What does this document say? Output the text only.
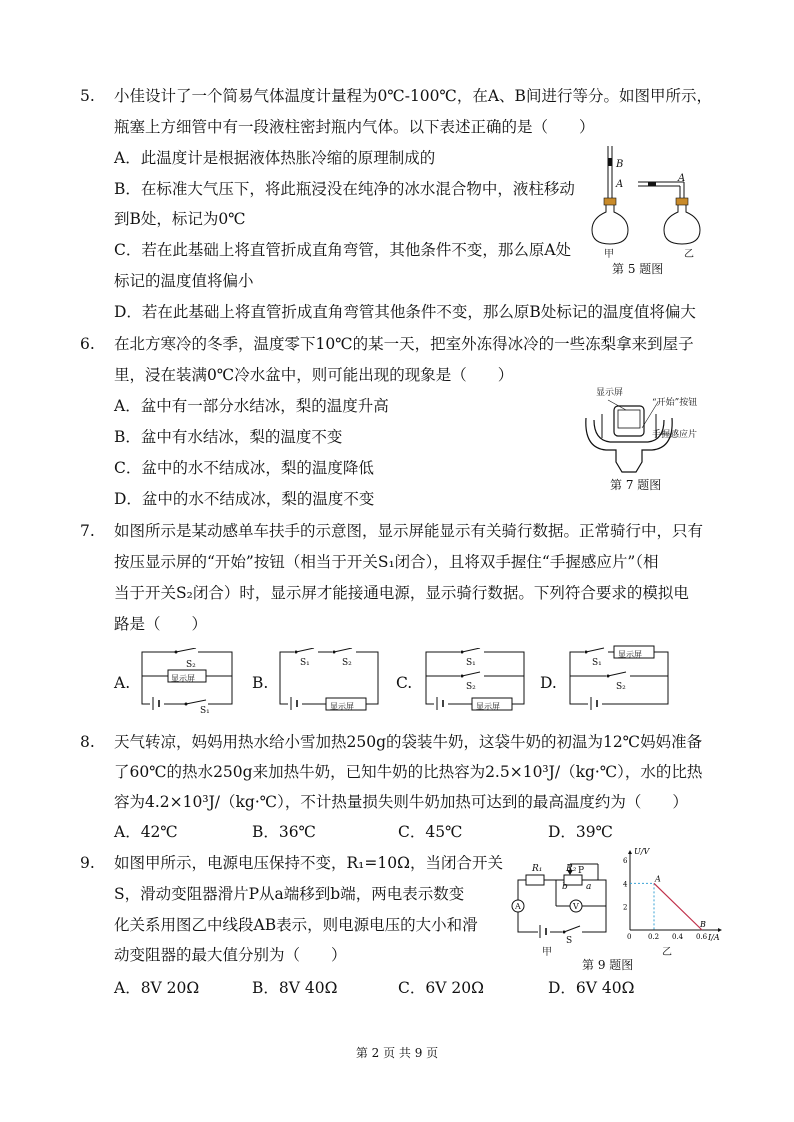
5. 小佳设计了一个简易气体温度计量程为0℃-100℃，在A、B间进行等分。如图甲所示，
瓶塞上方细管中有一段液柱密封瓶内气体。以下表述正确的是（　　）
A．此温度计是根据液体热胀冷缩的原理制成的
B．在标准大气压下，将此瓶浸没在纯净的冰水混合物中，液柱移动
到B处，标记为0℃
C．若在此基础上将直管折成直角弯管，其他条件不变，那么原A处
标记的温度值将偏小
D．若在此基础上将直管折成直角弯管其他条件不变，那么原B处标记的温度值将偏大
B
A
A
甲	乙
第 5 题图
6. 在北方寒冷的冬季，温度零下10℃的某一天，把室外冻得冰冷的一些冻梨拿来到屋子
里，浸在装满0℃冷水盆中，则可能出现的现象是（　　）
A．盆中有一部分水结冰，梨的温度升高
B．盆中有水结冰，梨的温度不变
C．盆中的水不结成冰，梨的温度降低
D．盆中的水不结成冰，梨的温度不变
显示屏
“开始”按钮
手握感应片
第 7 题图
7. 如图所示是某动感单车扶手的示意图，显示屏能显示有关骑行数据。正常骑行中，只有
按压显示屏的“开始”按钮（相当于开关S₁闭合），且将双手握住“手握感应片”（相
当于开关S₂闭合）时，显示屏才能接通电源，显示骑行数据。下列符合要求的模拟电
路是（　　）
A.
S₂
显示屏
S₁
B.
S₁	S₂
显示屏
C.
S₁
S₂
显示屏
D.
S₁
显示屏
S₂
8. 天气转凉，妈妈用热水给小雪加热250g的袋装牛奶，这袋牛奶的初温为12℃妈妈准备
了60℃的热水250g来加热牛奶，已知牛奶的比热容为2.5×10³J/（kg·℃），水的比热
容为4.2×10³J/（kg·℃），不计热量损失则牛奶加热可达到的最高温度约为（　　）
A．42℃	B．36℃	C．45℃	D．39℃
9. 如图甲所示，电源电压保持不变，R₁=10Ω，当闭合开关
S，滑动变阻器滑片P从a端移到b端，两电表示数变
化关系用图乙中线段AB表示，则电源电压的大小和滑
动变阻器的最大值分别为（　　）
A．8V 20Ω	B．8V 40Ω	C．6V 20Ω	D．6V 40Ω
R₁	R₂ P
b a
A	V
S
甲
U/V
I/A
0 0.2 0.4 0.6
2
4
6
A
B
乙
第 9 题图
第 2 页 共 9 页
